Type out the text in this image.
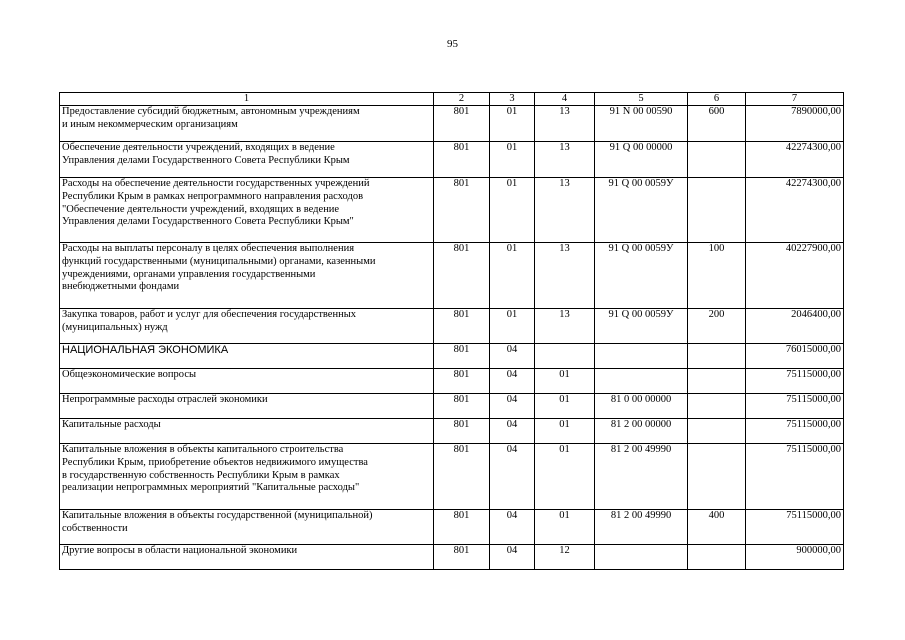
95
1	2	3	4	5	6	7
Предоставление субсидий бюджетным, автономным учреждениям
и иным некоммерческим организациям	801	01	13	91 N 00 00590	600	7890000,00
Обеспечение деятельности учреждений, входящих в ведение
Управления делами Государственного Совета Республики Крым	801	01	13	91 Q 00 00000		42274300,00
Расходы на обеспечение деятельности государственных учреждений
Республики Крым в рамках непрограммного направления расходов
"Обеспечение деятельности учреждений, входящих в ведение
Управления делами Государственного Совета Республики Крым"	801	01	13	91 Q 00 0059У		42274300,00
Расходы на выплаты персоналу в целях обеспечения выполнения
функций государственными (муниципальными) органами, казенными
учреждениями, органами управления государственными
внебюджетными фондами	801	01	13	91 Q 00 0059У	100	40227900,00
Закупка товаров, работ и услуг для обеспечения государственных
(муниципальных) нужд	801	01	13	91 Q 00 0059У	200	2046400,00
НАЦИОНАЛЬНАЯ ЭКОНОМИКА	801	04				76015000,00
Общеэкономические вопросы	801	04	01			75115000,00
Непрограммные расходы отраслей экономики	801	04	01	81 0 00 00000		75115000,00
Капитальные расходы	801	04	01	81 2 00 00000		75115000,00
Капитальные вложения в объекты капитального строительства
Республики Крым, приобретение объектов недвижимого имущества
в государственную собственность Республики Крым в рамках
реализации непрограммных мероприятий "Капитальные расходы"	801	04	01	81 2 00 49990		75115000,00
Капитальные вложения в объекты государственной (муниципальной)
собственности	801	04	01	81 2 00 49990	400	75115000,00
Другие вопросы в области национальной экономики	801	04	12			900000,00
